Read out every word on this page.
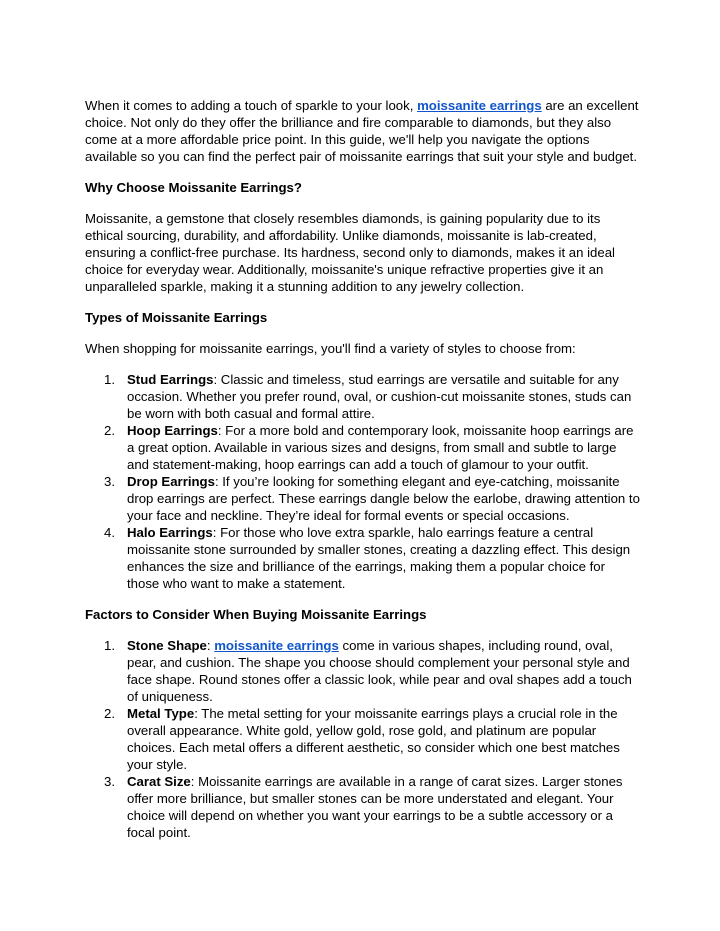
When it comes to adding a touch of sparkle to your look, moissanite earrings are an excellent choice. Not only do they offer the brilliance and fire comparable to diamonds, but they also come at a more affordable price point. In this guide, we'll help you navigate the options available so you can find the perfect pair of moissanite earrings that suit your style and budget.

Why Choose Moissanite Earrings?

Moissanite, a gemstone that closely resembles diamonds, is gaining popularity due to its ethical sourcing, durability, and affordability. Unlike diamonds, moissanite is lab-created, ensuring a conflict-free purchase. Its hardness, second only to diamonds, makes it an ideal choice for everyday wear. Additionally, moissanite's unique refractive properties give it an unparalleled sparkle, making it a stunning addition to any jewelry collection.

Types of Moissanite Earrings

When shopping for moissanite earrings, you'll find a variety of styles to choose from:

1. Stud Earrings: Classic and timeless, stud earrings are versatile and suitable for any occasion. Whether you prefer round, oval, or cushion-cut moissanite stones, studs can be worn with both casual and formal attire.
2. Hoop Earrings: For a more bold and contemporary look, moissanite hoop earrings are a great option. Available in various sizes and designs, from small and subtle to large and statement-making, hoop earrings can add a touch of glamour to your outfit.
3. Drop Earrings: If you’re looking for something elegant and eye-catching, moissanite drop earrings are perfect. These earrings dangle below the earlobe, drawing attention to your face and neckline. They’re ideal for formal events or special occasions.
4. Halo Earrings: For those who love extra sparkle, halo earrings feature a central moissanite stone surrounded by smaller stones, creating a dazzling effect. This design enhances the size and brilliance of the earrings, making them a popular choice for those who want to make a statement.

Factors to Consider When Buying Moissanite Earrings

1. Stone Shape: moissanite earrings come in various shapes, including round, oval, pear, and cushion. The shape you choose should complement your personal style and face shape. Round stones offer a classic look, while pear and oval shapes add a touch of uniqueness.
2. Metal Type: The metal setting for your moissanite earrings plays a crucial role in the overall appearance. White gold, yellow gold, rose gold, and platinum are popular choices. Each metal offers a different aesthetic, so consider which one best matches your style.
3. Carat Size: Moissanite earrings are available in a range of carat sizes. Larger stones offer more brilliance, but smaller stones can be more understated and elegant. Your choice will depend on whether you want your earrings to be a subtle accessory or a focal point.
